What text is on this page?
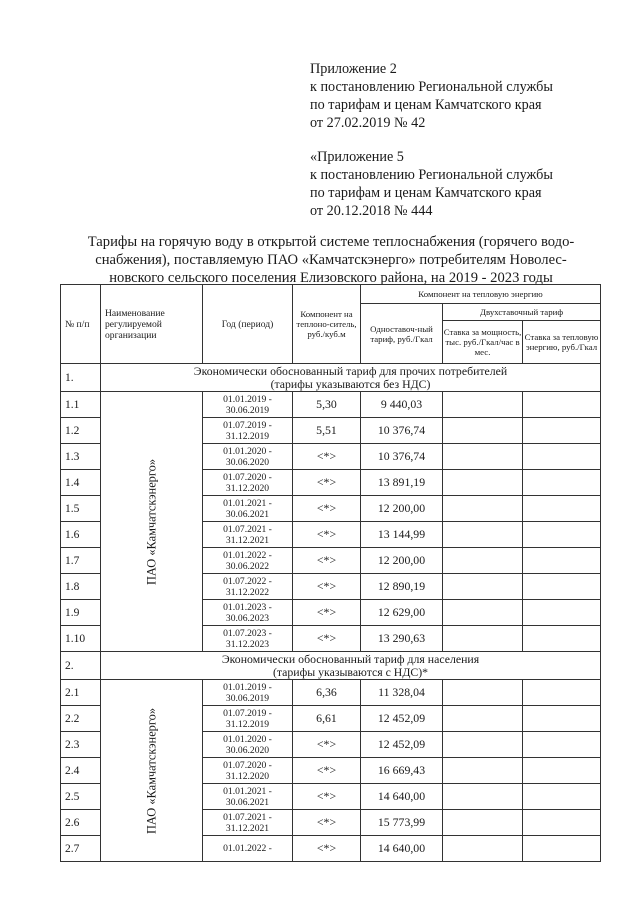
Приложение 2
к постановлению Региональной службы
по тарифам и ценам Камчатского края
от 27.02.2019 № 42
«Приложение 5
к постановлению Региональной службы
по тарифам и ценам Камчатского края
от 20.12.2018 № 444
Тарифы на горячую воду в открытой системе теплоснабжения (горячего водо-
снабжения), поставляемую ПАО «Камчатскэнерго» потребителям Новолес-
новского сельского поселения Елизовского района, на 2019 - 2023 годы
№ п/п	Наименование регулируемой организации	Год (период)	Компонент на теплоно-ситель, руб./куб.м	Компонент на тепловую энергию		
				Одноставоч-ный тариф, руб./Гкал	Двухставочный тариф	
					Ставка за мощность, тыс. руб./Гкал/час в мес.	Ставка за тепловую энергию, руб./Гкал
1.	Экономически обоснованный тариф для прочих потребителей
(тарифы указываются без НДС)					

1.1	ПАО «Камчатскэнерго»	01.01.2019 -
30.06.2019	5,30	9 440,03		
1.2		01.07.2019 -
31.12.2019	5,51	10 376,74		
1.3		01.01.2020 -
30.06.2020	<*>	10 376,74		
1.4		01.07.2020 -
31.12.2020	<*>	13 891,19		
1.5		01.01.2021 -
30.06.2021	<*>	12 200,00		
1.6		01.07.2021 -
31.12.2021	<*>	13 144,99		
1.7		01.01.2022 -
30.06.2022	<*>	12 200,00		
1.8		01.07.2022 -
31.12.2022	<*>	12 890,19		
1.9		01.01.2023 -
30.06.2023	<*>	12 629,00		
1.10		01.07.2023 -
31.12.2023	<*>	13 290,63		
2.	Экономически обоснованный тариф для населения
(тарифы указываются с НДС)*					

2.1	ПАО «Камчатскэнерго»	01.01.2019 -
30.06.2019	6,36	11 328,04		
2.2		01.07.2019 -
31.12.2019	6,61	12 452,09		
2.3		01.01.2020 -
30.06.2020	<*>	12 452,09		
2.4		01.07.2020 -
31.12.2020	<*>	16 669,43		
2.5		01.01.2021 -
30.06.2021	<*>	14 640,00		
2.6		01.07.2021 -
31.12.2021	<*>	15 773,99		
2.7		01.01.2022 -	<*>	14 640,00		
